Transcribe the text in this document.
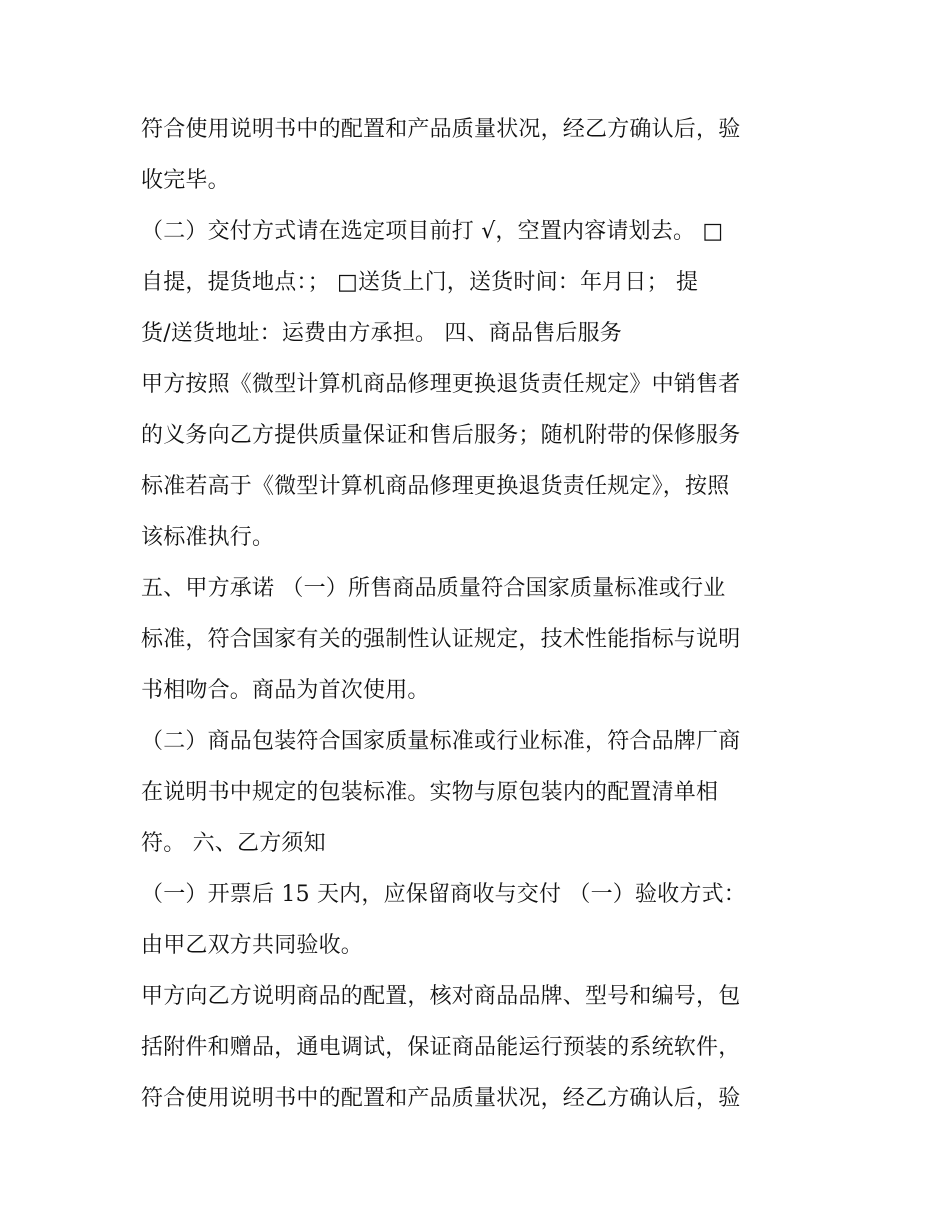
符合使用说明书中的配置和产品质量状况，经乙方确认后，验
收完毕。
（二）交付方式请在选定项目前打 √，空置内容请划去。 □
自提，提货地点：； □送货上门，送货时间：年月日； 提
货/送货地址：运费由方承担。 四、商品售后服务
甲方按照《微型计算机商品修理更换退货责任规定》中销售者
的义务向乙方提供质量保证和售后服务；随机附带的保修服务
标准若高于《微型计算机商品修理更换退货责任规定》，按照
该标准执行。
五、甲方承诺 （一）所售商品质量符合国家质量标准或行业
标准，符合国家有关的强制性认证规定，技术性能指标与说明
书相吻合。商品为首次使用。
（二）商品包装符合国家质量标准或行业标准，符合品牌厂商
在说明书中规定的包装标准。实物与原包装内的配置清单相
符。 六、乙方须知
（一）开票后 15 天内，应保留商收与交付 （一）验收方式：
由甲乙双方共同验收。
甲方向乙方说明商品的配置，核对商品品牌、型号和编号，包
括附件和赠品，通电调试，保证商品能运行预装的系统软件，
符合使用说明书中的配置和产品质量状况，经乙方确认后，验
